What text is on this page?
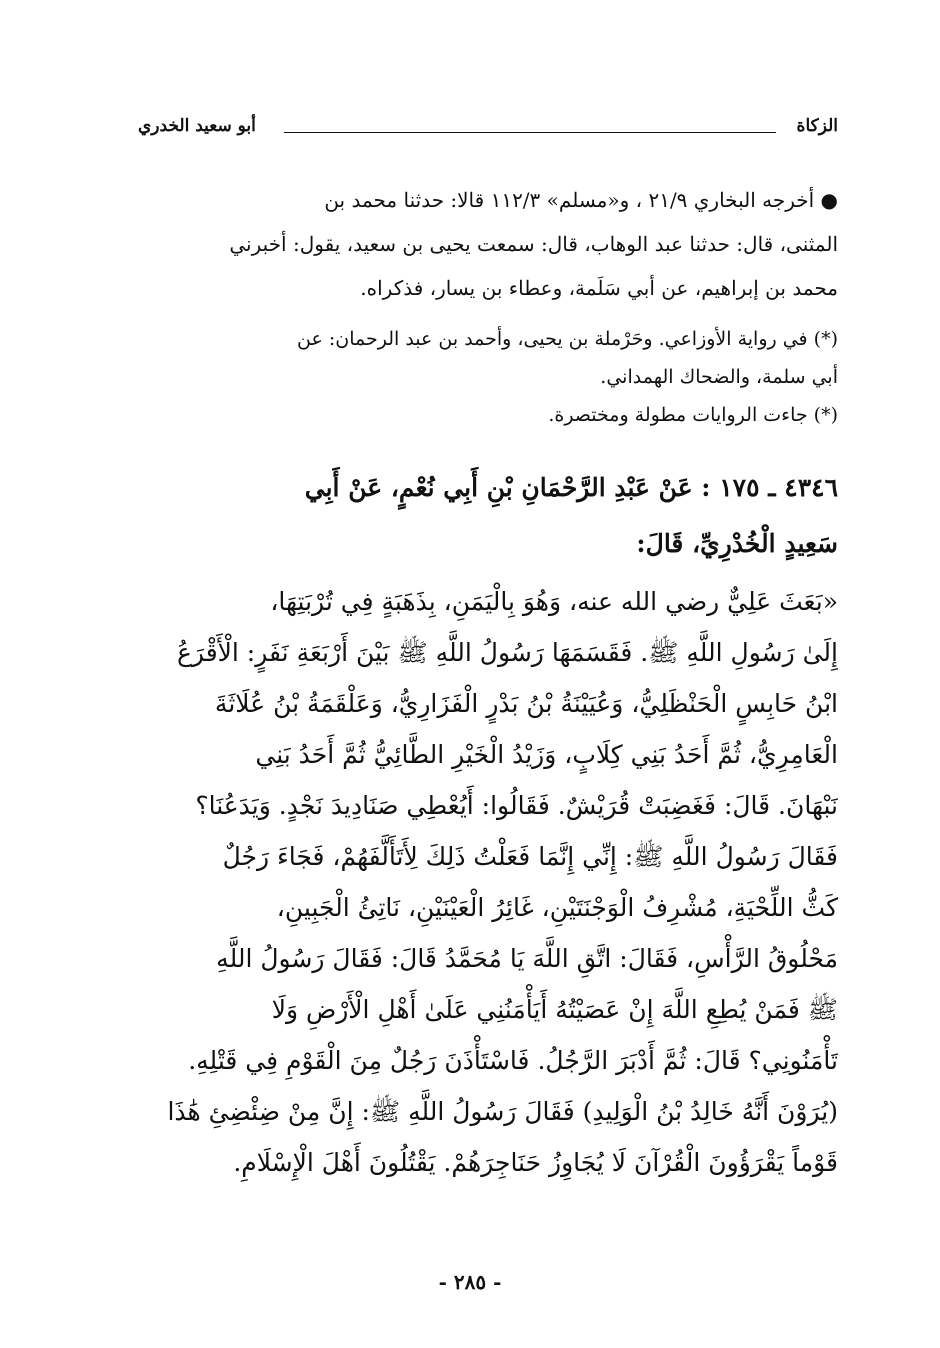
الزكاة
أبو سعيد الخدري
● أخرجه البخاري ٢١/٩ ، و«مسلم» ١١٢/٣ قالا: حدثنا محمد بن
المثنى، قال: حدثنا عبد الوهاب، قال: سمعت يحيى بن سعيد، يقول: أخبرني
محمد بن إبراهيم، عن أبي سَلَمة، وعطاء بن يسار، فذكراه.
(*) في رواية الأوزاعي. وحَرْملة بن يحيى، وأحمد بن عبد الرحمان: عن
أبي سلمة، والضحاك الهمداني.
(*) جاءت الروايات مطولة ومختصرة.
٤٣٤٦ ـ ١٧٥ : عَنْ عَبْدِ الرَّحْمَانِ بْنِ أَبِي نُعْمٍ، عَنْ أَبِي
سَعِيدٍ الْخُدْرِيِّ، قَالَ:
«بَعَثَ عَلِيٌّ رضي الله عنه، وَهُوَ بِالْيَمَنِ، بِذَهَبَةٍ فِي تُرْبَتِهَا،
إِلَىٰ رَسُولِ اللَّهِ ﷺ. فَقَسَمَهَا رَسُولُ اللَّهِ ﷺ بَيْنَ أَرْبَعَةِ نَفَرٍ: الْأَقْرَعُ
ابْنُ حَابِسٍ الْحَنْظَلِيُّ، وَعُيَيْنَةُ بْنُ بَدْرٍ الْفَزَارِيُّ، وَعَلْقَمَةُ بْنُ عُلَاثَةَ
الْعَامِرِيُّ، ثُمَّ أَحَدُ بَنِي كِلَابٍ، وَزَيْدُ الْخَيْرِ الطَّائِيُّ ثُمَّ أَحَدُ بَنِي
نَبْهَانَ. قَالَ: فَغَضِبَتْ قُرَيْشٌ. فَقَالُوا: أَيُعْطِي صَنَادِيدَ نَجْدٍ. وَيَدَعُنَا؟
فَقَالَ رَسُولُ اللَّهِ ﷺ: إِنِّي إِنَّمَا فَعَلْتُ ذَلِكَ لِأَتَأَلَّفَهُمْ، فَجَاءَ رَجُلٌ
كَثُّ اللِّحْيَةِ، مُشْرِفُ الْوَجْنَتَيْنِ، غَائِرُ الْعَيْنَيْنِ، نَاتِئُ الْجَبِينِ،
مَحْلُوقُ الرَّأْسِ، فَقَالَ: اتَّقِ اللَّهَ يَا مُحَمَّدُ قَالَ: فَقَالَ رَسُولُ اللَّهِ
ﷺ فَمَنْ يُطِعِ اللَّهَ إِنْ عَصَيْتُهُ أَيَأْمَنُنِي عَلَىٰ أَهْلِ الْأَرْضِ وَلَا
تَأْمَنُونِي؟ قَالَ: ثُمَّ أَدْبَرَ الرَّجُلُ. فَاسْتَأْذَنَ رَجُلٌ مِنَ الْقَوْمِ فِي قَتْلِهِ.
(يُرَوْنَ أَنَّهُ خَالِدُ بْنُ الْوَلِيدِ) فَقَالَ رَسُولُ اللَّهِ ﷺ: إِنَّ مِنْ ضِئْضِئِ هَٰذَا
قَوْماً يَقْرَؤُونَ الْقُرْآنَ لَا يُجَاوِزُ حَنَاجِرَهُمْ. يَقْتُلُونَ أَهْلَ الْإِسْلَامِ.
- ٢٨٥ -
